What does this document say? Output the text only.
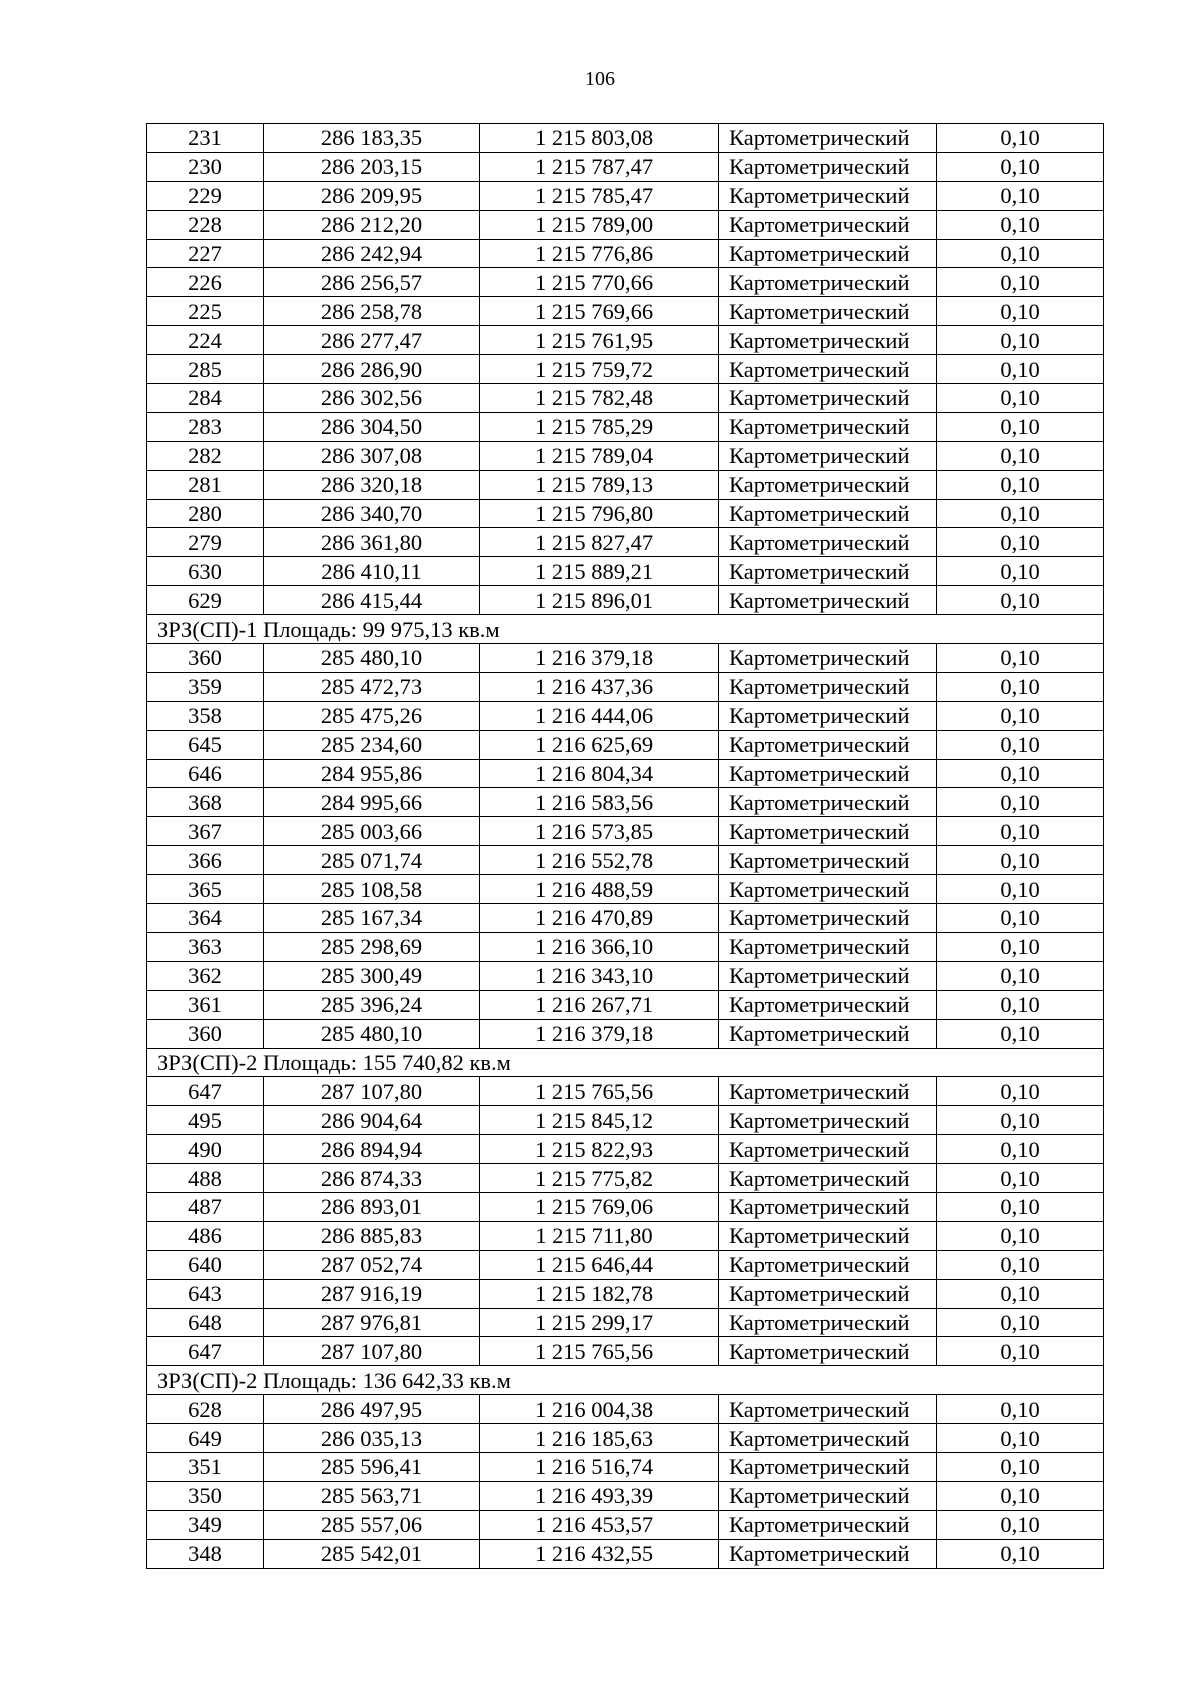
106
231	286 183,35	1 215 803,08	Картометрический	0,10
230	286 203,15	1 215 787,47	Картометрический	0,10
229	286 209,95	1 215 785,47	Картометрический	0,10
228	286 212,20	1 215 789,00	Картометрический	0,10
227	286 242,94	1 215 776,86	Картометрический	0,10
226	286 256,57	1 215 770,66	Картометрический	0,10
225	286 258,78	1 215 769,66	Картометрический	0,10
224	286 277,47	1 215 761,95	Картометрический	0,10
285	286 286,90	1 215 759,72	Картометрический	0,10
284	286 302,56	1 215 782,48	Картометрический	0,10
283	286 304,50	1 215 785,29	Картометрический	0,10
282	286 307,08	1 215 789,04	Картометрический	0,10
281	286 320,18	1 215 789,13	Картометрический	0,10
280	286 340,70	1 215 796,80	Картометрический	0,10
279	286 361,80	1 215 827,47	Картометрический	0,10
630	286 410,11	1 215 889,21	Картометрический	0,10
629	286 415,44	1 215 896,01	Картометрический	0,10
ЗРЗ(СП)-1 Площадь: 99 975,13 кв.м				
360	285 480,10	1 216 379,18	Картометрический	0,10
359	285 472,73	1 216 437,36	Картометрический	0,10
358	285 475,26	1 216 444,06	Картометрический	0,10
645	285 234,60	1 216 625,69	Картометрический	0,10
646	284 955,86	1 216 804,34	Картометрический	0,10
368	284 995,66	1 216 583,56	Картометрический	0,10
367	285 003,66	1 216 573,85	Картометрический	0,10
366	285 071,74	1 216 552,78	Картометрический	0,10
365	285 108,58	1 216 488,59	Картометрический	0,10
364	285 167,34	1 216 470,89	Картометрический	0,10
363	285 298,69	1 216 366,10	Картометрический	0,10
362	285 300,49	1 216 343,10	Картометрический	0,10
361	285 396,24	1 216 267,71	Картометрический	0,10
360	285 480,10	1 216 379,18	Картометрический	0,10
ЗРЗ(СП)-2 Площадь: 155 740,82 кв.м				
647	287 107,80	1 215 765,56	Картометрический	0,10
495	286 904,64	1 215 845,12	Картометрический	0,10
490	286 894,94	1 215 822,93	Картометрический	0,10
488	286 874,33	1 215 775,82	Картометрический	0,10
487	286 893,01	1 215 769,06	Картометрический	0,10
486	286 885,83	1 215 711,80	Картометрический	0,10
640	287 052,74	1 215 646,44	Картометрический	0,10
643	287 916,19	1 215 182,78	Картометрический	0,10
648	287 976,81	1 215 299,17	Картометрический	0,10
647	287 107,80	1 215 765,56	Картометрический	0,10
ЗРЗ(СП)-2 Площадь: 136 642,33 кв.м				
628	286 497,95	1 216 004,38	Картометрический	0,10
649	286 035,13	1 216 185,63	Картометрический	0,10
351	285 596,41	1 216 516,74	Картометрический	0,10
350	285 563,71	1 216 493,39	Картометрический	0,10
349	285 557,06	1 216 453,57	Картометрический	0,10
348	285 542,01	1 216 432,55	Картометрический	0,10
